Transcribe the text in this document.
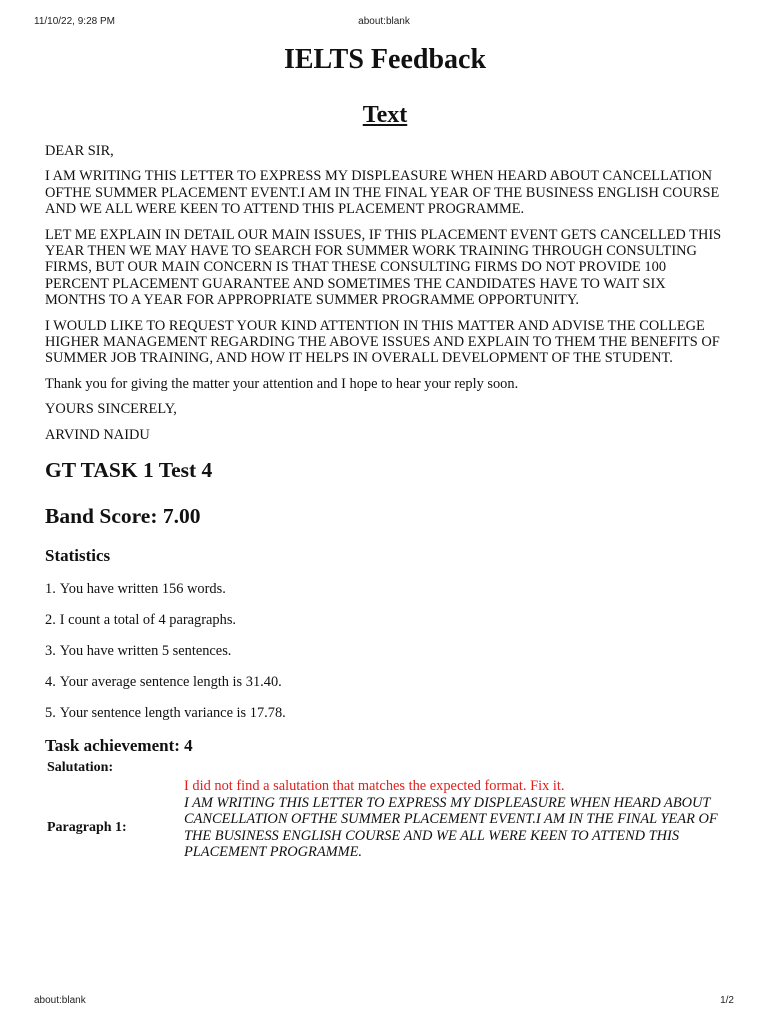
11/10/22, 9:28 PM	about:blank
IELTS Feedback
Text

DEAR SIR,

I AM WRITING THIS LETTER TO EXPRESS MY DISPLEASURE WHEN HEARD ABOUT CANCELLATION OFTHE SUMMER PLACEMENT EVENT.I AM IN THE FINAL YEAR OF THE BUSINESS ENGLISH COURSE AND WE ALL WERE KEEN TO ATTEND THIS PLACEMENT PROGRAMME.

LET ME EXPLAIN IN DETAIL OUR MAIN ISSUES, IF THIS PLACEMENT EVENT GETS CANCELLED THIS YEAR THEN WE MAY HAVE TO SEARCH FOR SUMMER WORK TRAINING THROUGH CONSULTING FIRMS, BUT OUR MAIN CONCERN IS THAT THESE CONSULTING FIRMS DO NOT PROVIDE 100 PERCENT PLACEMENT GUARANTEE AND SOMETIMES THE CANDIDATES HAVE TO WAIT SIX MONTHS TO A YEAR FOR APPROPRIATE SUMMER PROGRAMME OPPORTUNITY.

I WOULD LIKE TO REQUEST YOUR KIND ATTENTION IN THIS MATTER AND ADVISE THE COLLEGE HIGHER MANAGEMENT REGARDING THE ABOVE ISSUES AND EXPLAIN TO THEM THE BENEFITS OF SUMMER JOB TRAINING, AND HOW IT HELPS IN OVERALL DEVELOPMENT OF THE STUDENT.

Thank you for giving the matter your attention and I hope to hear your reply soon.

YOURS SINCERELY,

ARVIND NAIDU

GT TASK 1 Test 4
Band Score: 7.00
Statistics
1. You have written 156 words.
2. I count a total of 4 paragraphs.
3. You have written 5 sentences.
4. Your average sentence length is 31.40.
5. Your sentence length variance is 17.78.
Task achievement: 4
Salutation:	
	I did not find a salutation that matches the expected format. Fix it.
Paragraph 1:	I AM WRITING THIS LETTER TO EXPRESS MY DISPLEASURE WHEN HEARD ABOUT CANCELLATION OFTHE SUMMER PLACEMENT EVENT.I AM IN THE FINAL YEAR OF THE BUSINESS ENGLISH COURSE AND WE ALL WERE KEEN TO ATTEND THIS PLACEMENT PROGRAMME.
about:blank	1/2
